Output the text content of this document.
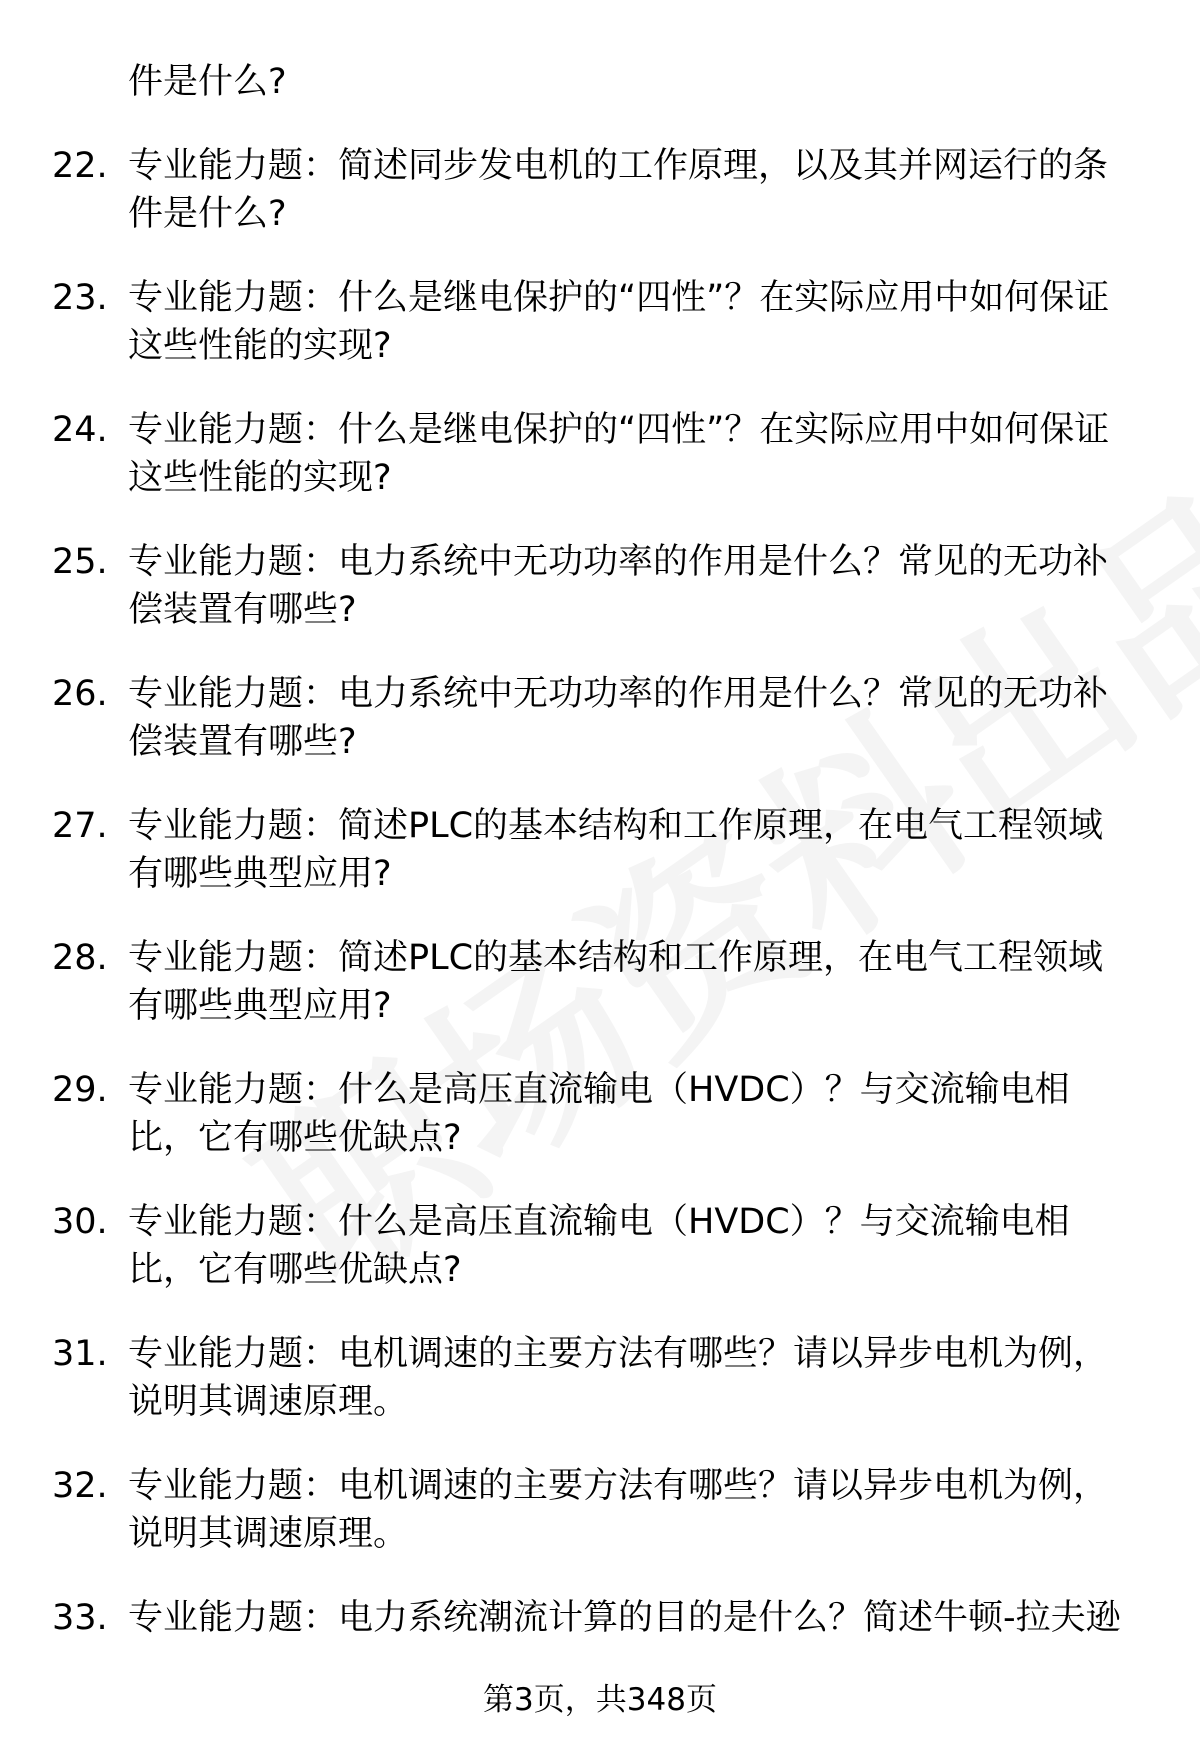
件是什么?
22. 专业能力题：简述同步发电机的工作原理，以及其并网运行的条件是什么?
23. 专业能力题：什么是继电保护的“四性”？在实际应用中如何保证这些性能的实现?
24. 专业能力题：什么是继电保护的“四性”？在实际应用中如何保证这些性能的实现?
25. 专业能力题：电力系统中无功功率的作用是什么？常见的无功补偿装置有哪些?
26. 专业能力题：电力系统中无功功率的作用是什么？常见的无功补偿装置有哪些?
27. 专业能力题：简述PLC的基本结构和工作原理，在电气工程领域有哪些典型应用?
28. 专业能力题：简述PLC的基本结构和工作原理，在电气工程领域有哪些典型应用?
29. 专业能力题：什么是高压直流输电（HVDC）？与交流输电相比，它有哪些优缺点?
30. 专业能力题：什么是高压直流输电（HVDC）？与交流输电相比，它有哪些优缺点?
31. 专业能力题：电机调速的主要方法有哪些？请以异步电机为例，说明其调速原理。
32. 专业能力题：电机调速的主要方法有哪些？请以异步电机为例，说明其调速原理。
33. 专业能力题：电力系统潮流计算的目的是什么？简述牛顿-拉夫逊
第3页，共348页
